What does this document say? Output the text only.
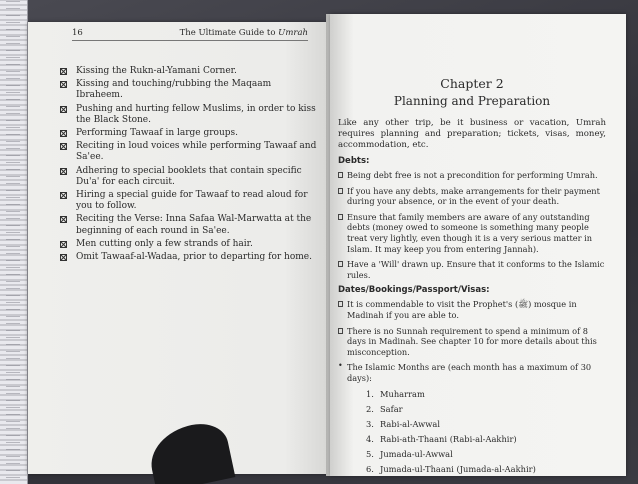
16	The Ultimate Guide to Umrah
Kissing the Rukn-al-Yamani Corner.
Kissing and touching/rubbing the Maqaam Ibraheem.
Pushing and hurting fellow Muslims, in order to kiss the Black Stone.
Performing Tawaaf in large groups.
Reciting in loud voices while performing Tawaaf and Sa'ee.
Adhering to special booklets that contain specific Du'a' for each circuit.
Hiring a special guide for Tawaaf to read aloud for you to follow.
Reciting the Verse: Inna Safaa Wal-Marwatta at the beginning of each round in Sa'ee.
Men cutting only a few strands of hair.
Omit Tawaaf-al-Wadaa, prior to departing for home.
Chapter 2
Planning and Preparation

Like any other trip, be it business or vacation, Umrah requires planning and preparation; tickets, visas, money, accommodation, etc.

Debts:
Being debt free is not a precondition for performing Umrah.
If you have any debts, make arrangements for their payment during your absence, or in the event of your death.
Ensure that family members are aware of any outstanding debts (money owed to someone is something many people treat very lightly, even though it is a very serious matter in Islam. It may keep you from entering Jannah).
Have a 'Will' drawn up. Ensure that it conforms to the Islamic rules.
Dates/Bookings/Passport/Visas:
It is commendable to visit the Prophet's (ﷺ) mosque in Madinah if you are able to.
There is no Sunnah requirement to spend a minimum of 8 days in Madinah. See chapter 10 for more details about this misconception.
• The Islamic Months are (each month has a maximum of 30 days):
1. Muharram
2. Safar
3. Rabi-al-Awwal
4. Rabi-ath-Thaani (Rabi-al-Aakhir)
5. Jumada-ul-Awwal
6. Jumada-ul-Thaani (Jumada-al-Aakhir)
